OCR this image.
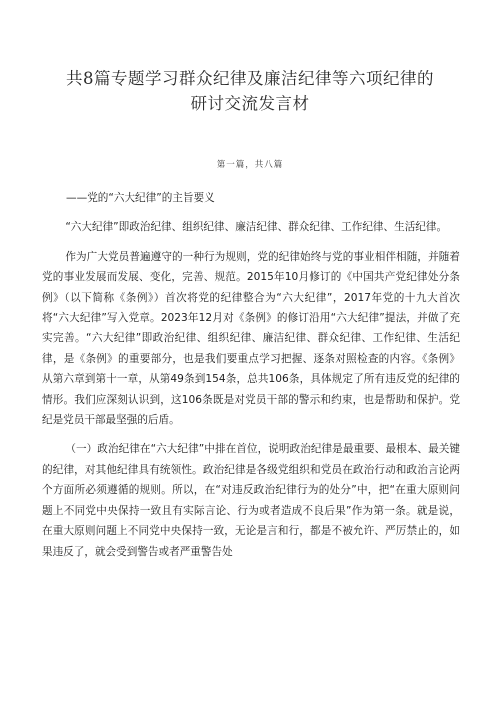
共8篇专题学习群众纪律及廉洁纪律等六项纪律的
研讨交流发言材
第一篇，共八篇

——党的“六大纪律”的主旨要义

“六大纪律”即政治纪律、组织纪律、廉洁纪律、群众纪律、工作纪律、生活纪律。

作为广大党员普遍遵守的一种行为规则，党的纪律始终与党的事业相伴相随，并随着党的事业发展而发展、变化，完善、规范。2015年10月修订的《中国共产党纪律处分条例》（以下简称《条例》）首次将党的纪律整合为“六大纪律”，2017年党的十九大首次将“六大纪律”写入党章。2023年12月对《条例》的修订沿用“六大纪律”提法，并做了充实完善。“六大纪律”即政治纪律、组织纪律、廉洁纪律、群众纪律、工作纪律、生活纪律，是《条例》的重要部分，也是我们要重点学习把握、逐条对照检查的内容。《条例》从第六章到第十一章，从第49条到154条，总共106条，具体规定了所有违反党的纪律的情形。我们应深刻认识到，这106条既是对党员干部的警示和约束，也是帮助和保护。党纪是党员干部最坚强的后盾。

（一）政治纪律在“六大纪律”中排在首位，说明政治纪律是最重要、最根本、最关键的纪律，对其他纪律具有统领性。政治纪律是各级党组织和党员在政治行动和政治言论两个方面所必须遵循的规则。所以，在“对违反政治纪律行为的处分”中，把“在重大原则问题上不同党中央保持一致且有实际言论、行为或者造成不良后果”作为第一条。就是说，在重大原则问题上不同党中央保持一致，无论是言和行，都是不被允许、严厉禁止的，如果违反了，就会受到警告或者严重警告处
